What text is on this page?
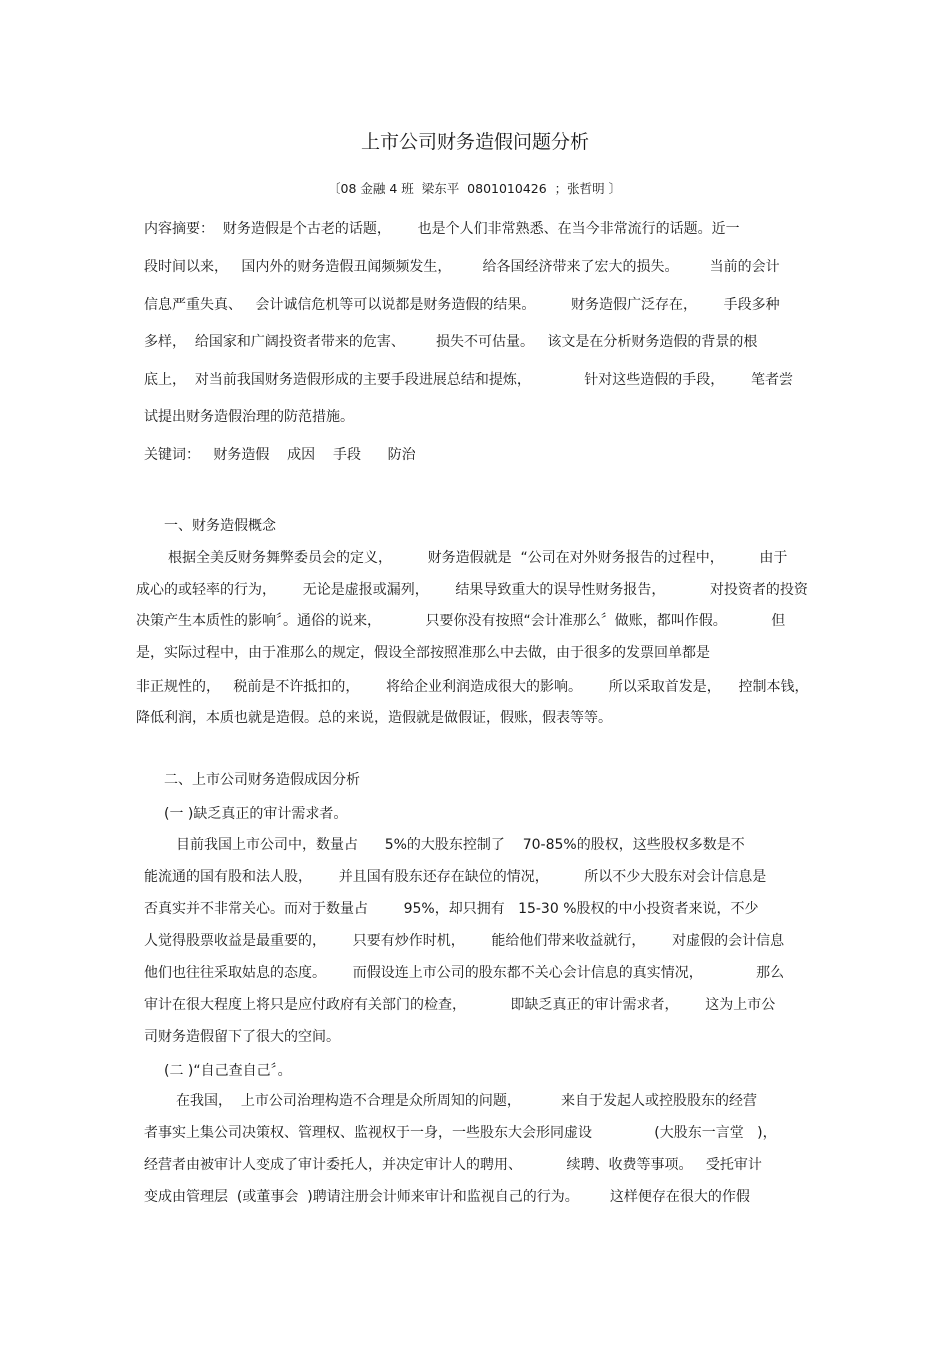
上市公司财务造假问题分析
〔08 金融 4 班  梁东平  0801010426  ；张哲明 〕
内容摘要：  财务造假是个古老的话题，      也是个人们非常熟悉、在当今非常流行的话题。近一
段时间以来，   国内外的财务造假丑闻频频发生，       给各国经济带来了宏大的损失。       当前的会计
信息严重失真、   会计诚信危机等可以说都是财务造假的结果。        财务造假广泛存在，      手段多种
多样，  给国家和广阔投资者带来的危害、       损失不可估量。   该文是在分析财务造假的背景的根
底上，  对当前我国财务造假形成的主要手段进展总结和提炼，            针对这些造假的手段，      笔者尝
试提出财务造假治理的防范措施。
关键词：   财务造假    成因    手段      防治
一、财务造假概念
根据全美反财务舞弊委员会的定义，        财务造假就是  “公司在对外财务报告的过程中，        由于
成心的或轻率的行为，      无论是虚报或漏列，      结果导致重大的误导性财务报告，          对投资者的投资
决策产生本质性的影响〞。通俗的说来，          只要你没有按照“会计准那么〞做账，都叫作假。          但
是，实际过程中，由于准那么的规定，假设全部按照准那么中去做，由于很多的发票回单都是
非正规性的，   税前是不许抵扣的，      将给企业利润造成很大的影响。      所以采取首发是，    控制本钱，
降低利润，本质也就是造假。总的来说，造假就是做假证，假账，假表等等。
二、上市公司财务造假成因分析
(一 )缺乏真正的审计需求者。
目前我国上市公司中，数量占      5%的大股东控制了    70-85%的股权，这些股权多数是不
能流通的国有股和法人股，      并且国有股东还存在缺位的情况，        所以不少大股东对会计信息是
否真实并不非常关心。而对于数量占        95%，却只拥有   15-30 %股权的中小投资者来说，不少
人觉得股票收益是最重要的，      只要有炒作时机，      能给他们带来收益就行，      对虚假的会计信息
他们也往往采取姑息的态度。      而假设连上市公司的股东都不关心会计信息的真实情况，            那么
审计在很大程度上将只是应付政府有关部门的检查，          即缺乏真正的审计需求者，      这为上市公
司财务造假留下了很大的空间。
(二 )“自己查自己〞。
在我国，  上市公司治理构造不合理是众所周知的问题，         来自于发起人或控股股东的经营
者事实上集公司决策权、管理权、监视权于一身，一些股东大会形同虚设              (大股东一言堂   )，
经营者由被审计人变成了审计委托人，并决定审计人的聘用、          续聘、收费等事项。   受托审计
变成由管理层  (或董事会  )聘请注册会计师来审计和监视自己的行为。       这样便存在很大的作假
